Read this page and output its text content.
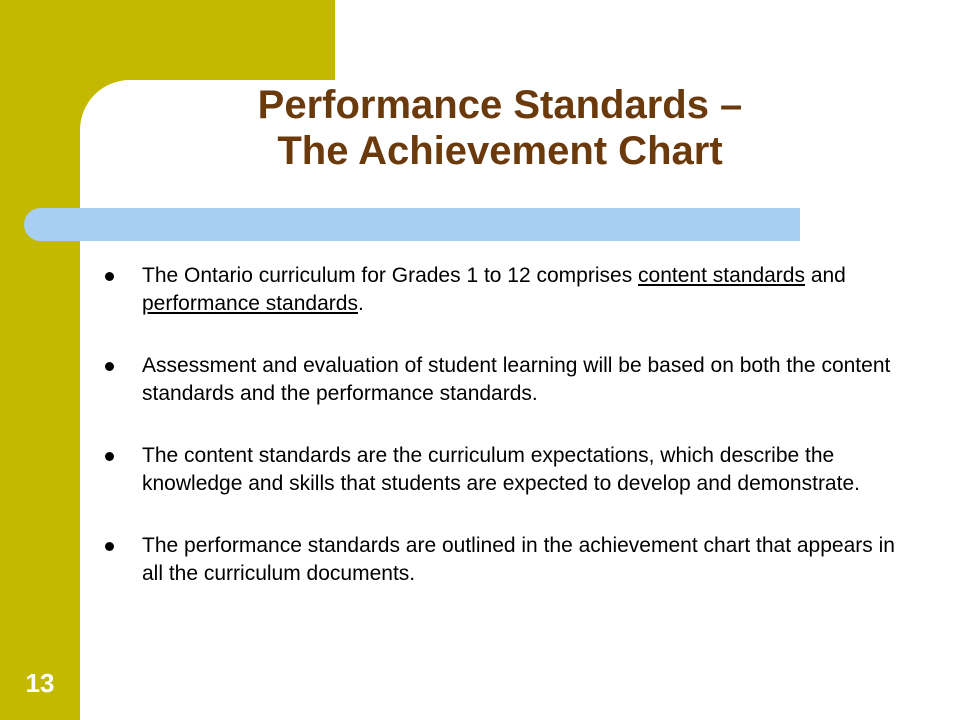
Performance Standards –
The Achievement Chart
The Ontario curriculum for Grades 1 to 12 comprises content standards and performance standards.
Assessment and evaluation of student learning will be based on both the content standards and the performance standards.
The content standards are the curriculum expectations, which describe the knowledge and skills that students are expected to develop and demonstrate.
The performance standards are outlined in the achievement chart that appears in all the curriculum documents.
13
